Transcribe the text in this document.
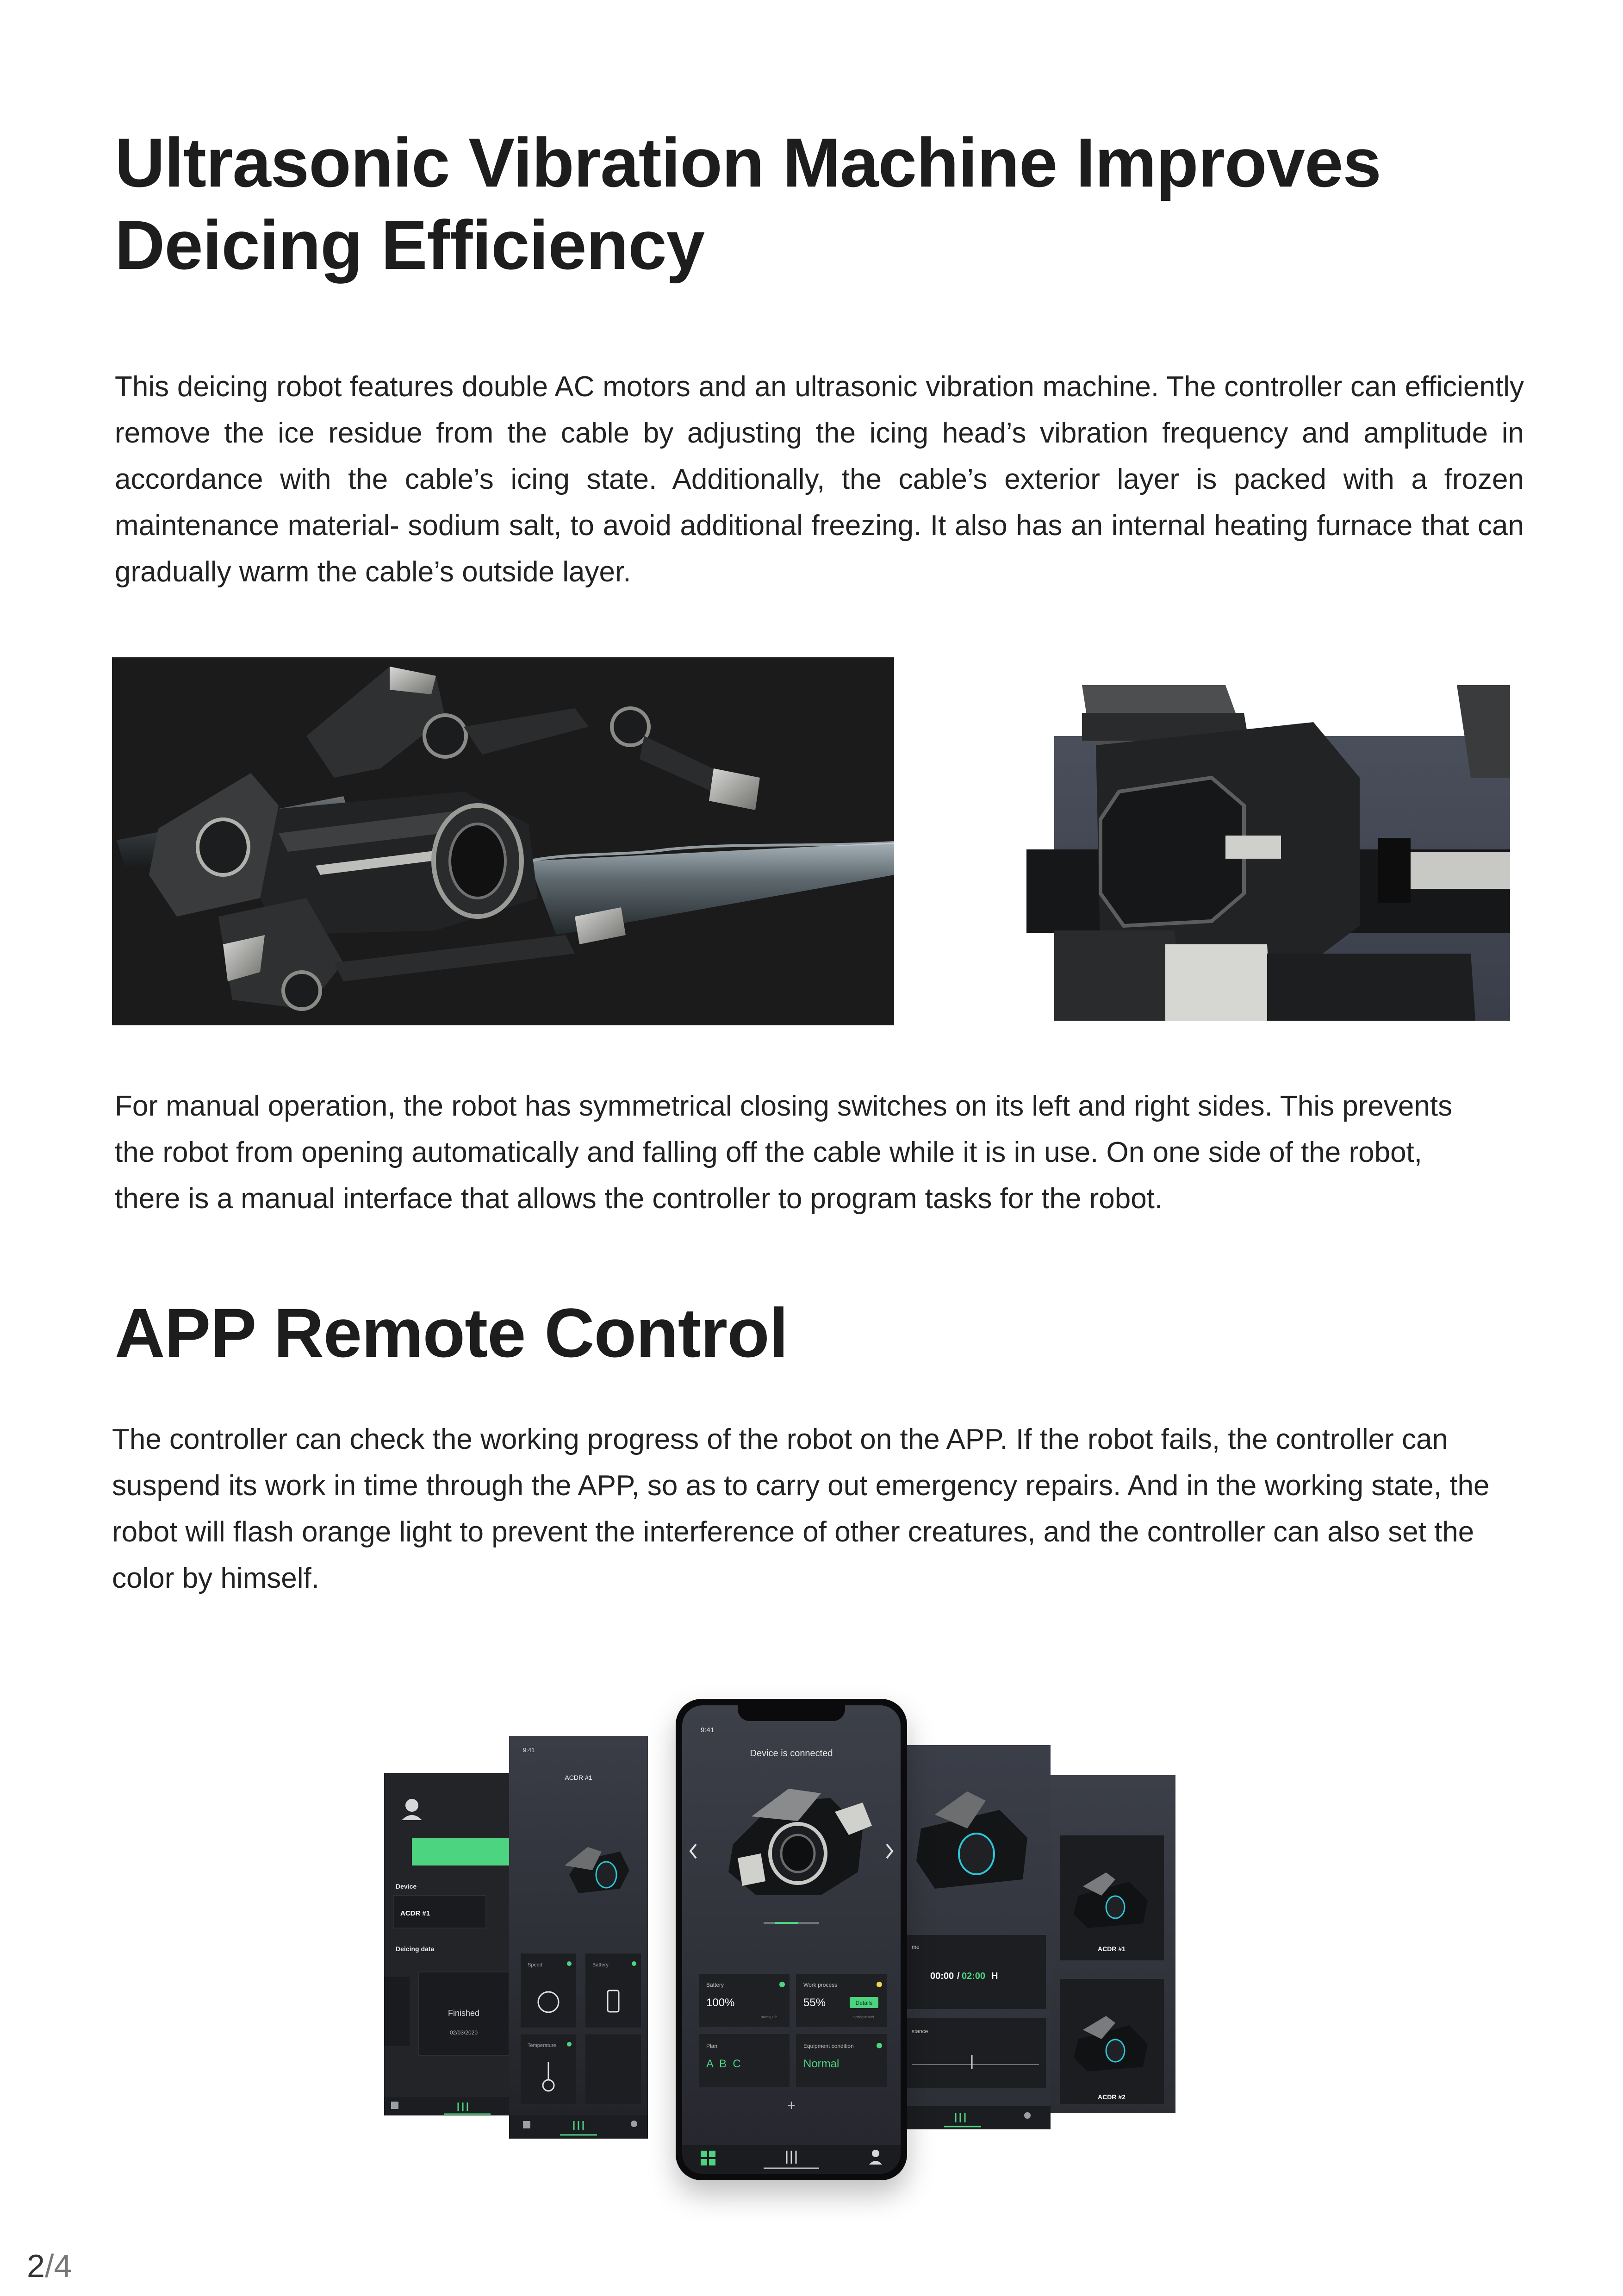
Ultrasonic Vibration Machine Improves
Deicing Efficiency

This deicing robot features double AC motors and an ultrasonic vibration machine. The controller can efficiently remove the ice residue from the cable by adjusting the icing head’s vibration frequency and amplitude in accordance with the cable’s icing state. Additionally, the cable’s exterior layer is packed with a frozen maintenance material- sodium salt, to avoid additional freezing. It also has an internal heating furnace that can gradually warm the cable’s outside layer.

For manual operation, the robot has symmetrical closing switches on its left and right sides. This prevents
the robot from opening automatically and falling off the cable while it is in use. On one side of the robot,
there is a manual interface that allows the controller to program tasks for the robot.
APP Remote Control
The controller can check the working progress of the robot on the APP. If the robot fails, the controller can
suspend its work in time through the APP, so as to carry out emergency repairs. And in the working state, the
robot will flash orange light to prevent the interference of other creatures, and the controller can also set the
color by himself.
Device
ACDR #1
Deicing data
Finished
02/03/2020
9:41
ACDR #1
Speed	Battery
Temperature
me
00:00 / 02:00 H
stance
ACDR #1
ACDR #2
9:41
Device is connected
Battery
100%
Battery Life
Work process
55%	Details
Setting wizard
Plan
A  B  C
Equipment condition
Normal
+
2/4
